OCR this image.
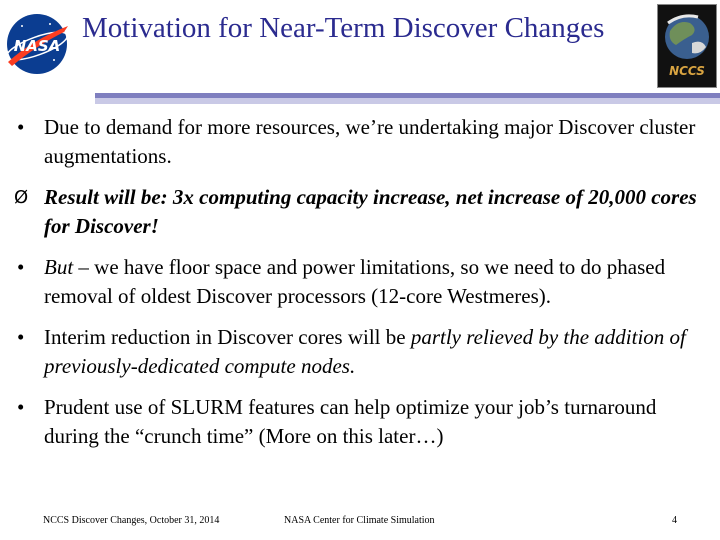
NASA
Motivation for Near-Term Discover Changes
NCCS
• Due to demand for more resources, we’re undertaking major Discover cluster augmentations.
Ø Result will be: 3x computing capacity increase, net increase of 20,000 cores for Discover!
• But – we have floor space and power limitations, so we need to do phased removal of oldest Discover processors (12-core Westmeres).
• Interim reduction in Discover cores will be partly relieved by the addition of previously-dedicated compute nodes.
• Prudent use of SLURM features can help optimize your job’s turnaround during the “crunch time” (More on this later…)
NCCS Discover Changes, October 31, 2014	NASA Center for Climate Simulation	4
